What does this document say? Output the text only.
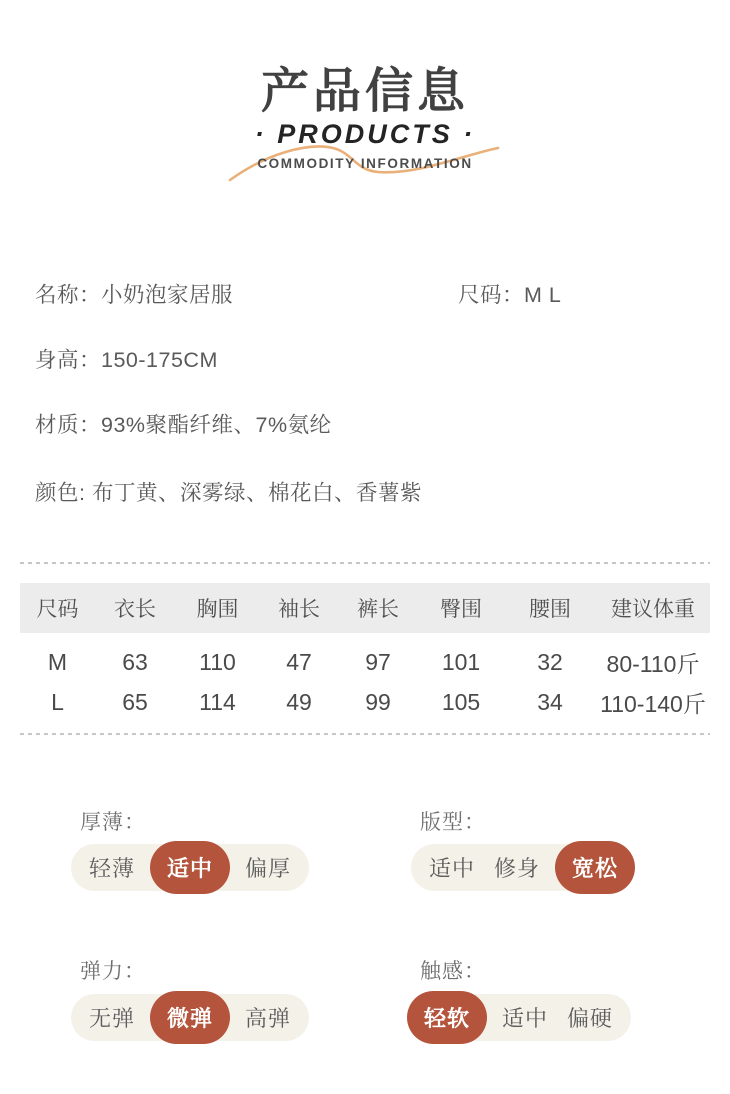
产品信息
· PRODUCTS ·
COMMODITY INFORMATION
名称：小奶泡家居服	尺码：M L
身高：150-175CM
材质：93%聚酯纤维、7%氨纶
颜色: 布丁黄、深雾绿、棉花白、香薯紫
尺码	衣长	胸围	袖长	裤长	臀围	腰围	建议体重
M	63	110	47	97	101	32	80-110斤
L	65	114	49	99	105	34	110-140斤
厚薄：
轻薄	适中	偏厚
版型：
适中 修身	宽松
弹力：
无弹	微弹	高弹
触感：
轻软	适中 偏硬
